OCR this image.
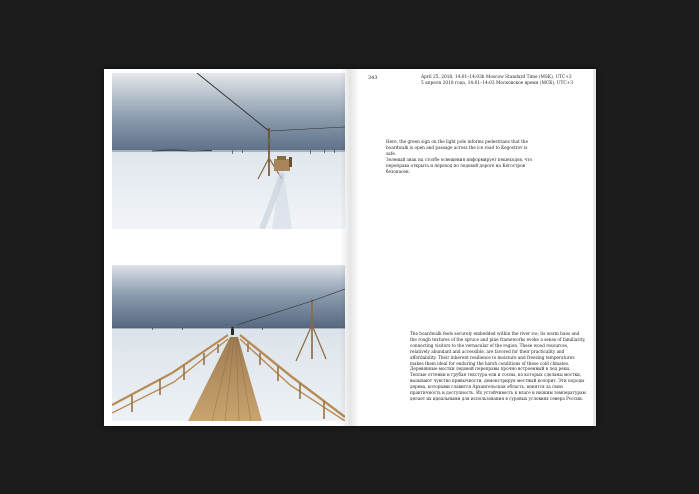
343	April 25, 2018, 14:01–14:03h Moscow Standard Time (MSK), UTC+3
5 апреля 2018 года, 14:01–14:03 Московское время (МСК), UTC+3

Here, the green sign on the light pole informs pedestrians that the boardwalk is open and passage across the ice road to Kegostrov is safe.

Зеленый знак на столбе освещения информирует пешеходов, что переправа открыта и переход по ледовой дороге на Кегостров безопасен.

The boardwalk feels securely embedded within the river ice; its warm hues and the rough textures of the spruce and pine frameworks evoke a sense of familiarity, connecting visitors to the vernacular of the region. These wood resources, relatively abundant and accessible, are favored for their practicality and affordability. Their inherent resilience to moisture and freezing temperatures makes them ideal for enduring the harsh conditions of these cold climates.

Деревянные мостки ледовой переправы прочно встроенный в лед реки. Теплые оттенки и грубая текстура ели и сосны, из которых сделаны мостки, вызывают чувство привычности, демонстрируя местный колорит. Эти породы дерева, которыми славится Архангельская область, ценятся за свою практичность и доступность. Их устойчивость к влаге и низким температурам делает их идеальными для использования в суровых условиях севера России.
